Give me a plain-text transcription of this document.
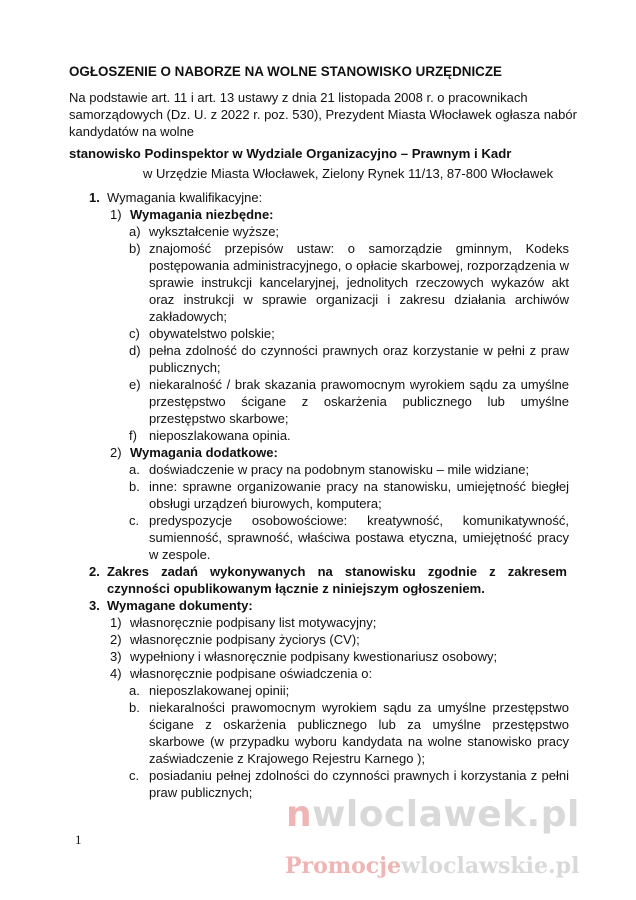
OGŁOSZENIE O NABORZE NA WOLNE STANOWISKO URZĘDNICZE
Na podstawie art. 11 i art. 13 ustawy z dnia 21 listopada 2008 r. o pracownikach samorządowych (Dz. U. z 2022 r. poz. 530), Prezydent Miasta Włocławek ogłasza nabór kandydatów na wolne
stanowisko Podinspektor w Wydziale Organizacyjno – Prawnym i Kadr
w Urzędzie Miasta Włocławek, Zielony Rynek 11/13, 87-800 Włocławek
1. Wymagania kwalifikacyjne:
1) Wymagania niezbędne:
a) wykształcenie wyższe;
b) znajomość przepisów ustaw: o samorządzie gminnym, Kodeks postępowania administracyjnego, o opłacie skarbowej, rozporządzenia w sprawie instrukcji kancelaryjnej, jednolitych rzeczowych wykazów akt oraz instrukcji w sprawie organizacji i zakresu działania archiwów zakładowych;
c) obywatelstwo polskie;
d) pełna zdolność do czynności prawnych oraz korzystanie w pełni z praw publicznych;
e) niekaralność / brak skazania prawomocnym wyrokiem sądu za umyślne przestępstwo ścigane z oskarżenia publicznego lub umyślne przestępstwo skarbowe;
f) nieposzlakowana opinia.
2) Wymagania dodatkowe:
a. doświadczenie w pracy na podobnym stanowisku – mile widziane;
b. inne: sprawne organizowanie pracy na stanowisku, umiejętność biegłej obsługi urządzeń biurowych, komputera;
c. predyspozycje osobowościowe: kreatywność, komunikatywność, sumienność, sprawność, właściwa postawa etyczna, umiejętność pracy w zespole.
2. Zakres zadań wykonywanych na stanowisku zgodnie z zakresem czynności opublikowanym łącznie z niniejszym ogłoszeniem.
3. Wymagane dokumenty:
1) własnoręcznie podpisany list motywacyjny;
2) własnoręcznie podpisany życiorys (CV);
3) wypełniony i własnoręcznie podpisany kwestionariusz osobowy;
4) własnoręcznie podpisane oświadczenia o:
a. nieposzlakowanej opinii;
b. niekaralności prawomocnym wyrokiem sądu za umyślne przestępstwo ścigane z oskarżenia publicznego lub za umyślne przestępstwo skarbowe (w przypadku wyboru kandydata na wolne stanowisko pracy zaświadczenie z Krajowego Rejestru Karnego );
c. posiadaniu pełnej zdolności do czynności prawnych i korzystania z pełni praw publicznych;
1
nwloclawek.pl
Promocjewloclawskie.pl
